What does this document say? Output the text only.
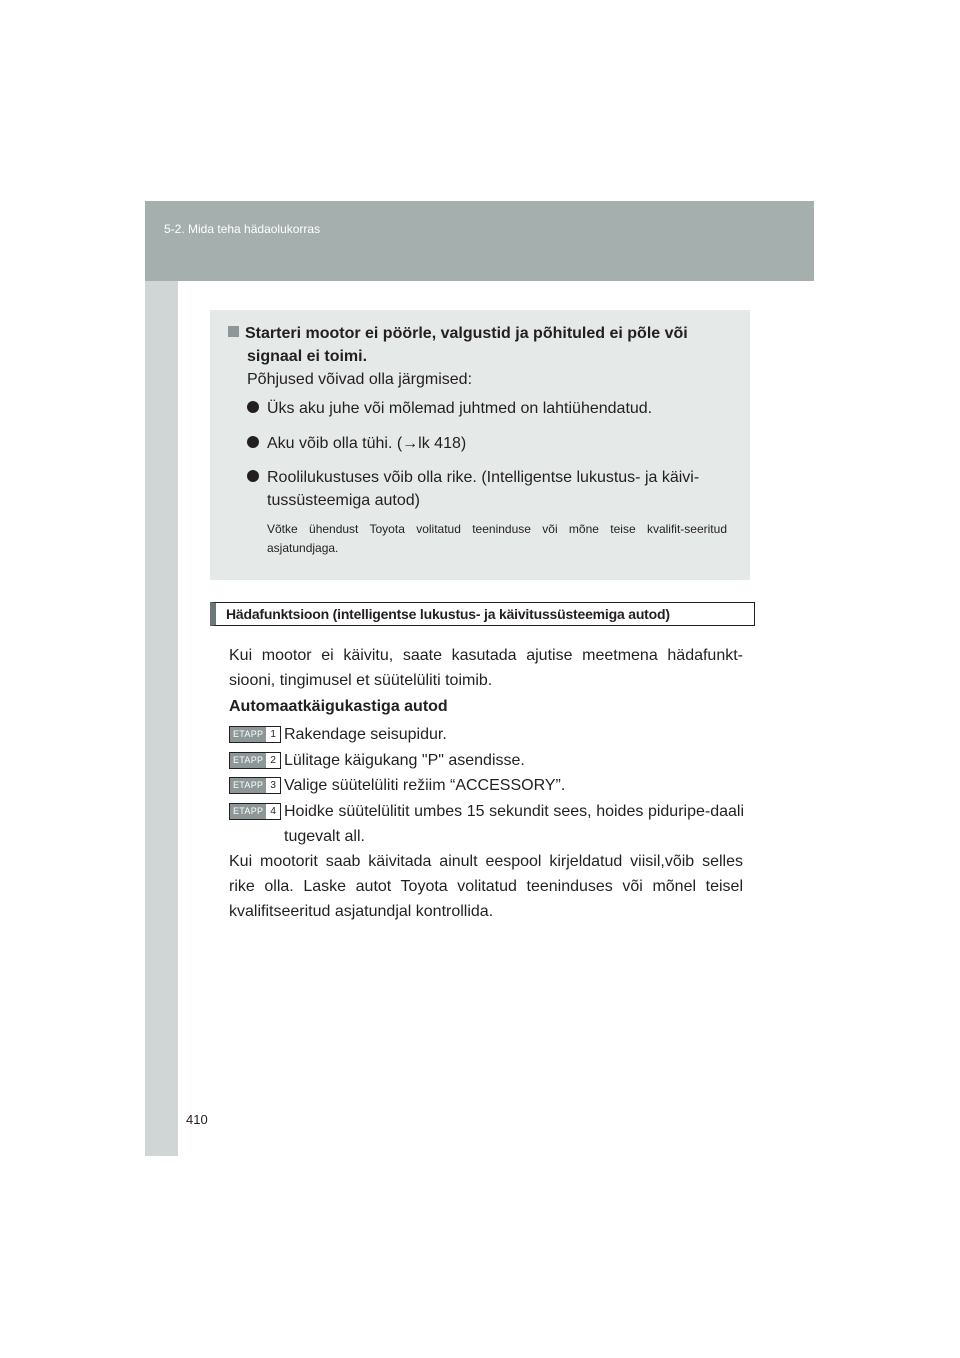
5-2. Mida teha hädaolukorras
410
Starteri mootor ei pöörle, valgustid ja põhituled ei põle või
signaal ei toimi.
Põhjused võivad olla järgmised:
Üks aku juhe või mõlemad juhtmed on lahtiühendatud.
Aku võib olla tühi. (→lk 418)
Roolilukustuses võib olla rike. (Intelligentse lukustus- ja käivi-
tussüsteemiga autod)
Võtke ühendust Toyota volitatud teeninduse või mõne teise kvalifit-seeritud asjatundjaga.
Hädafunktsioon (intelligentse lukustus- ja käivitussüsteemiga autod)
Kui mootor ei käivitu, saate kasutada ajutise meetmena hädafunkt-siooni, tingimusel et süütelüliti toimib.
Automaatkäigukastiga autod
ETAPP 1 Rakendage seisupidur.
ETAPP 2 Lülitage käigukang "P" asendisse.
ETAPP 3 Valige süütelüliti režiim “ACCESSORY”.
ETAPP 4 Hoidke süütelülitit umbes 15 sekundit sees, hoides piduripe-daali tugevalt all.
Kui mootorit saab käivitada ainult eespool kirjeldatud viisil,võib selles rike olla. Laske autot Toyota volitatud teeninduses või mõnel teisel kvalifitseeritud asjatundjal kontrollida.
